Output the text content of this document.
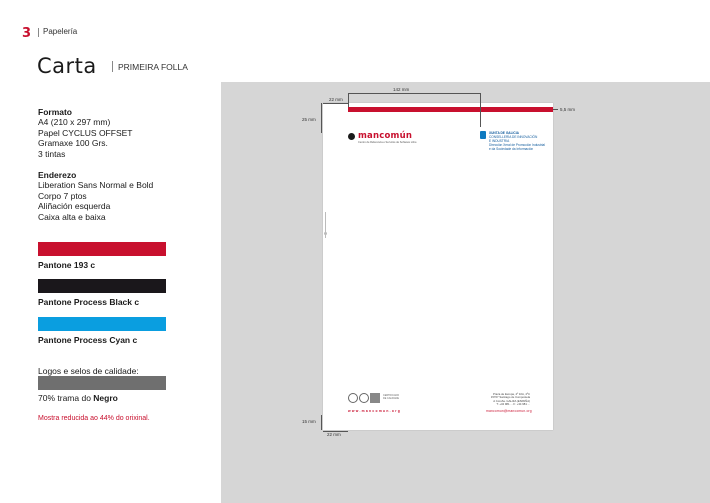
3 Papelería
Carta PRIMEIRA FOLLA
Formato
A4 (210 x 297 mm)
Papel CYCLUS OFFSET
Gramaxe 100 Grs.
3 tintas
Enderezo
Liberation Sans Normal e Bold
Corpo 7 ptos
Aliñación esquerda
Caixa alta e baixa
Pantone 193 c
Pantone Process Black c
Pantone Process Cyan c
Logos e selos de calidade:
70% trama do Negro
Mostra reducida ao 44% do orixinal.
142 mm
22 mm
25 mm
5,5 mm
15 mm
22 mm
mancomún
Centro de Referencia e Servizos de Software Libre
XUNTA DE GALICIA
CONSELLERÍA DE INNOVACIÓN
E INDUSTRIA
Dirección Xeral de Promoción Industrial
e da Sociedade da Información
CERTIFICADO
DE CALIDADE
Praza de Europa, 4º 10A, 4ºC
15707 Santiago de Compostela
A Coruña. GALIZA (ESPAÑA)
T: +34 981 ... F: +34 981 ...
www.mancomun.org	mancomun@mancomun.org
